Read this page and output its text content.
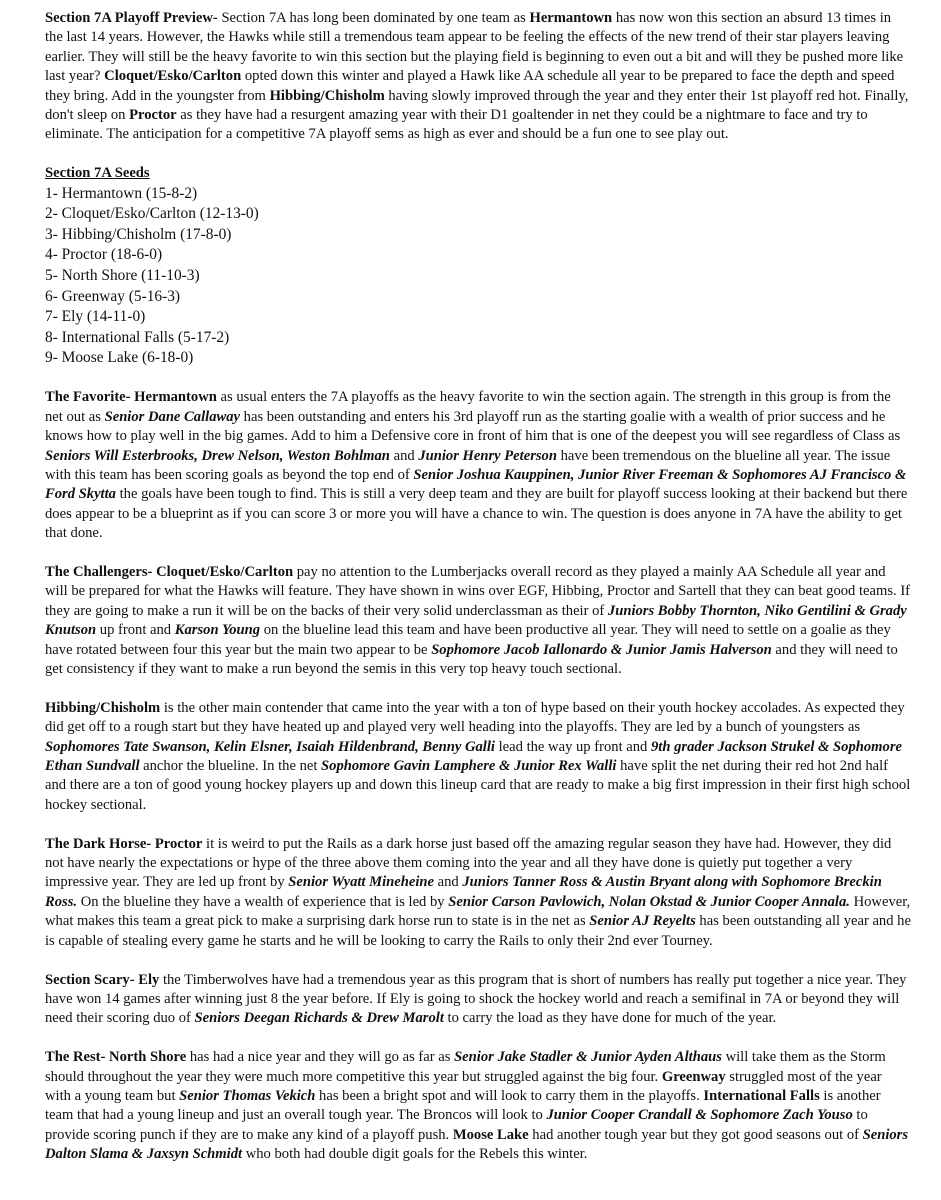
Section 7A Playoff Preview- Section 7A has long been dominated by one team as Hermantown has now won this section an absurd 13 times in the last 14 years. However, the Hawks while still a tremendous team appear to be feeling the effects of the new trend of their star players leaving earlier. They will still be the heavy favorite to win this section but the playing field is beginning to even out a bit and will they be pushed more like last year? Cloquet/Esko/Carlton opted down this winter and played a Hawk like AA schedule all year to be prepared to face the depth and speed they bring. Add in the youngster from Hibbing/Chisholm having slowly improved through the year and they enter their 1st playoff red hot. Finally, don't sleep on Proctor as they have had a resurgent amazing year with their D1 goaltender in net they could be a nightmare to face and try to eliminate. The anticipation for a competitive 7A playoff sems as high as ever and should be a fun one to see play out.

Section 7A Seeds
1- Hermantown (15-8-2)
2- Cloquet/Esko/Carlton (12-13-0)
3- Hibbing/Chisholm (17-8-0)
4- Proctor (18-6-0)
5- North Shore (11-10-3)
6- Greenway (5-16-3)
7- Ely (14-11-0)
8- International Falls (5-17-2)
9- Moose Lake (6-18-0)

The Favorite- Hermantown as usual enters the 7A playoffs as the heavy favorite to win the section again. The strength in this group is from the net out as Senior Dane Callaway has been outstanding and enters his 3rd playoff run as the starting goalie with a wealth of prior success and he knows how to play well in the big games. Add to him a Defensive core in front of him that is one of the deepest you will see regardless of Class as Seniors Will Esterbrooks, Drew Nelson, Weston Bohlman and Junior Henry Peterson have been tremendous on the blueline all year. The issue with this team has been scoring goals as beyond the top end of Senior Joshua Kauppinen, Junior River Freeman & Sophomores AJ Francisco & Ford Skytta the goals have been tough to find. This is still a very deep team and they are built for playoff success looking at their backend but there does appear to be a blueprint as if you can score 3 or more you will have a chance to win. The question is does anyone in 7A have the ability to get that done.

The Challengers- Cloquet/Esko/Carlton pay no attention to the Lumberjacks overall record as they played a mainly AA Schedule all year and will be prepared for what the Hawks will feature. They have shown in wins over EGF, Hibbing, Proctor and Sartell that they can beat good teams. If they are going to make a run it will be on the backs of their very solid underclassman as their of Juniors Bobby Thornton, Niko Gentilini & Grady Knutson up front and Karson Young on the blueline lead this team and have been productive all year. They will need to settle on a goalie as they have rotated between four this year but the main two appear to be Sophomore Jacob Iallonardo & Junior Jamis Halverson and they will need to get consistency if they want to make a run beyond the semis in this very top heavy touch sectional.

Hibbing/Chisholm is the other main contender that came into the year with a ton of hype based on their youth hockey accolades. As expected they did get off to a rough start but they have heated up and played very well heading into the playoffs. They are led by a bunch of youngsters as Sophomores Tate Swanson, Kelin Elsner, Isaiah Hildenbrand, Benny Galli lead the way up front and 9th grader Jackson Strukel & Sophomore Ethan Sundvall anchor the blueline. In the net Sophomore Gavin Lamphere & Junior Rex Walli have split the net during their red hot 2nd half and there are a ton of good young hockey players up and down this lineup card that are ready to make a big first impression in their first high school hockey sectional.

The Dark Horse- Proctor it is weird to put the Rails as a dark horse just based off the amazing regular season they have had. However, they did not have nearly the expectations or hype of the three above them coming into the year and all they have done is quietly put together a very impressive year. They are led up front by Senior Wyatt Mineheine and Juniors Tanner Ross & Austin Bryant along with Sophomore Breckin Ross. On the blueline they have a wealth of experience that is led by Senior Carson Pavlowich, Nolan Okstad & Junior Cooper Annala. However, what makes this team a great pick to make a surprising dark horse run to state is in the net as Senior AJ Reyelts has been outstanding all year and he is capable of stealing every game he starts and he will be looking to carry the Rails to only their 2nd ever Tourney.

Section Scary- Ely the Timberwolves have had a tremendous year as this program that is short of numbers has really put together a nice year. They have won 14 games after winning just 8 the year before. If Ely is going to shock the hockey world and reach a semifinal in 7A or beyond they will need their scoring duo of Seniors Deegan Richards & Drew Marolt to carry the load as they have done for much of the year.

The Rest- North Shore has had a nice year and they will go as far as Senior Jake Stadler & Junior Ayden Althaus will take them as the Storm should throughout the year they were much more competitive this year but struggled against the big four. Greenway struggled most of the year with a young team but Senior Thomas Vekich has been a bright spot and will look to carry them in the playoffs. International Falls is another team that had a young lineup and just an overall tough year. The Broncos will look to Junior Cooper Crandall & Sophomore Zach Youso to provide scoring punch if they are to make any kind of a playoff push. Moose Lake had another tough year but they got good seasons out of Seniors Dalton Slama & Jaxsyn Schmidt who both had double digit goals for the Rebels this winter.
